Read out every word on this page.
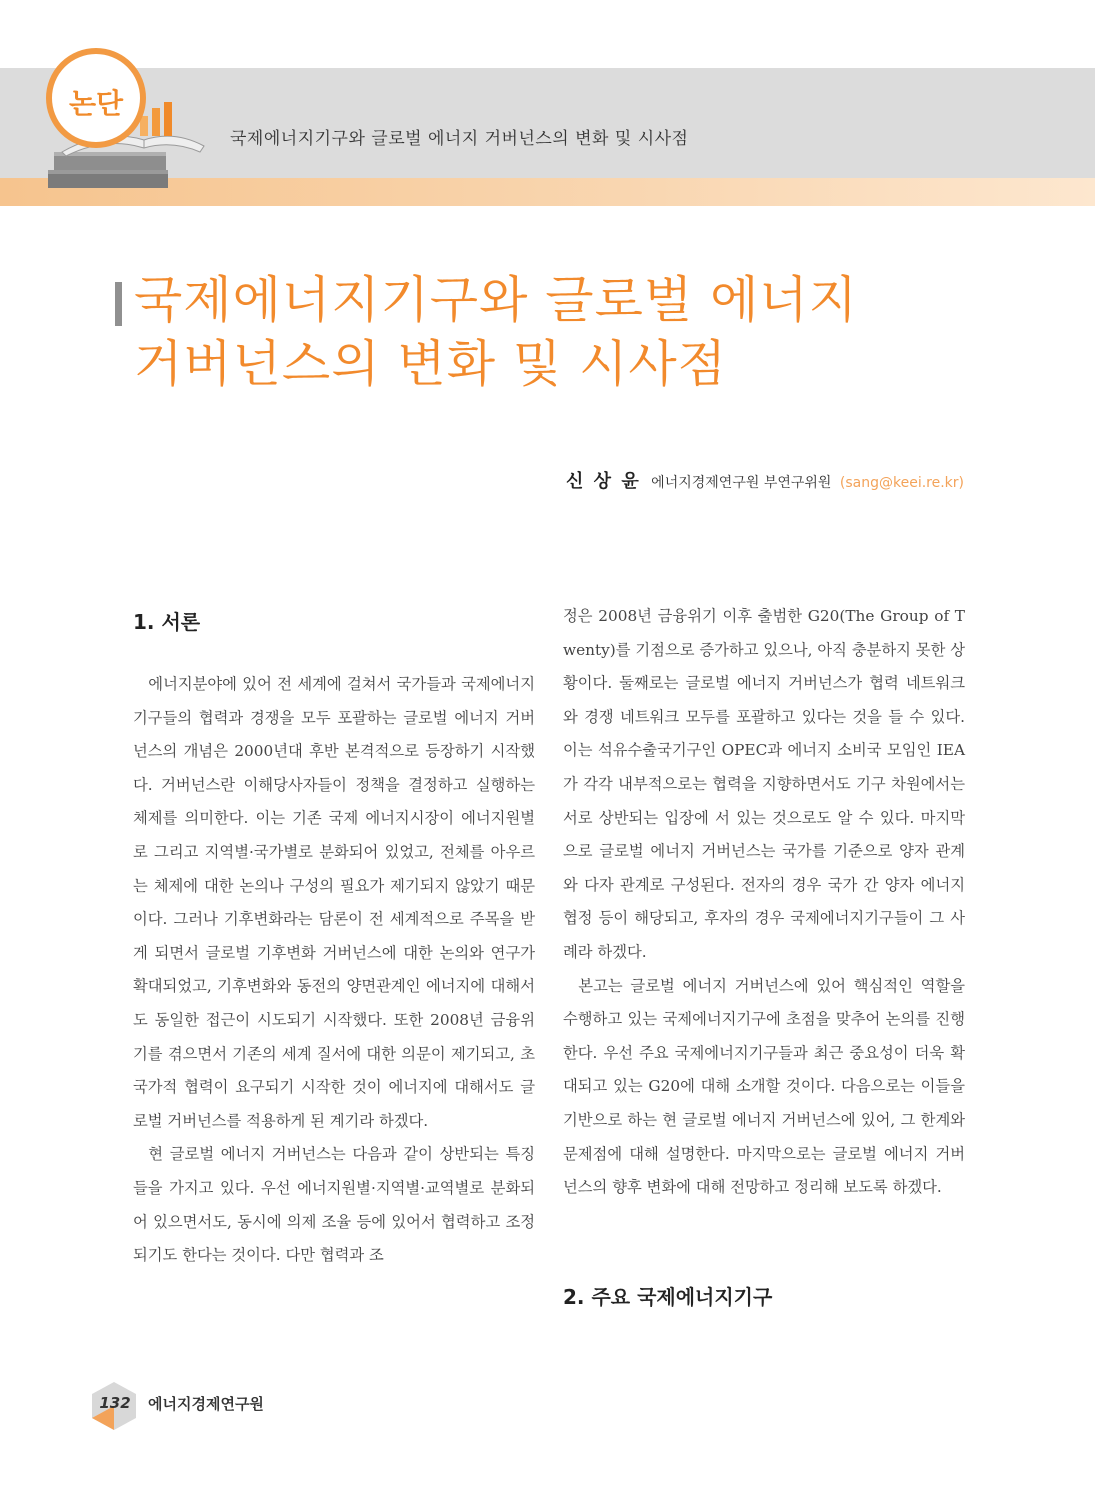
논단
국제에너지기구와 글로벌 에너지 거버넌스의 변화 및 시사점
국제에너지기구와 글로벌 에너지
거버넌스의 변화 및 시사점
신 상 윤 에너지경제연구원 부연구위원 (sang@keei.re.kr)
1. 서론

에너지분야에 있어 전 세계에 걸쳐서 국가들과 국제에너지기구들의 협력과 경쟁을 모두 포괄하는 글로벌 에너지 거버넌스의 개념은 2000년대 후반 본격적으로 등장하기 시작했다. 거버넌스란 이해당사자들이 정책을 결정하고 실행하는 체제를 의미한다. 이는 기존 국제 에너지시장이 에너지원별로 그리고 지역별·국가별로 분화되어 있었고, 전체를 아우르는 체제에 대한 논의나 구성의 필요가 제기되지 않았기 때문이다. 그러나 기후변화라는 담론이 전 세계적으로 주목을 받게 되면서 글로벌 기후변화 거버넌스에 대한 논의와 연구가 확대되었고, 기후변화와 동전의 양면관계인 에너지에 대해서도 동일한 접근이 시도되기 시작했다. 또한 2008년 금융위기를 겪으면서 기존의 세계 질서에 대한 의문이 제기되고, 초국가적 협력이 요구되기 시작한 것이 에너지에 대해서도 글로벌 거버넌스를 적용하게 된 계기라 하겠다.

현 글로벌 에너지 거버넌스는 다음과 같이 상반되는 특징들을 가지고 있다. 우선 에너지원별·지역별·교역별로 분화되어 있으면서도, 동시에 의제 조율 등에 있어서 협력하고 조정되기도 한다는 것이다. 다만 협력과 조

정은 2008년 금융위기 이후 출범한 G20(The Group of Twenty)를 기점으로 증가하고 있으나, 아직 충분하지 못한 상황이다. 둘째로는 글로벌 에너지 거버넌스가 협력 네트워크와 경쟁 네트워크 모두를 포괄하고 있다는 것을 들 수 있다. 이는 석유수출국기구인 OPEC과 에너지 소비국 모임인 IEA가 각각 내부적으로는 협력을 지향하면서도 기구 차원에서는 서로 상반되는 입장에 서 있는 것으로도 알 수 있다. 마지막으로 글로벌 에너지 거버넌스는 국가를 기준으로 양자 관계와 다자 관계로 구성된다. 전자의 경우 국가 간 양자 에너지 협정 등이 해당되고, 후자의 경우 국제에너지기구들이 그 사례라 하겠다.

본고는 글로벌 에너지 거버넌스에 있어 핵심적인 역할을 수행하고 있는 국제에너지기구에 초점을 맞추어 논의를 진행한다. 우선 주요 국제에너지기구들과 최근 중요성이 더욱 확대되고 있는 G20에 대해 소개할 것이다. 다음으로는 이들을 기반으로 하는 현 글로벌 에너지 거버넌스에 있어, 그 한계와 문제점에 대해 설명한다. 마지막으로는 글로벌 에너지 거버넌스의 향후 변화에 대해 전망하고 정리해 보도록 하겠다.

2. 주요 국제에너지기구
132 에너지경제연구원
